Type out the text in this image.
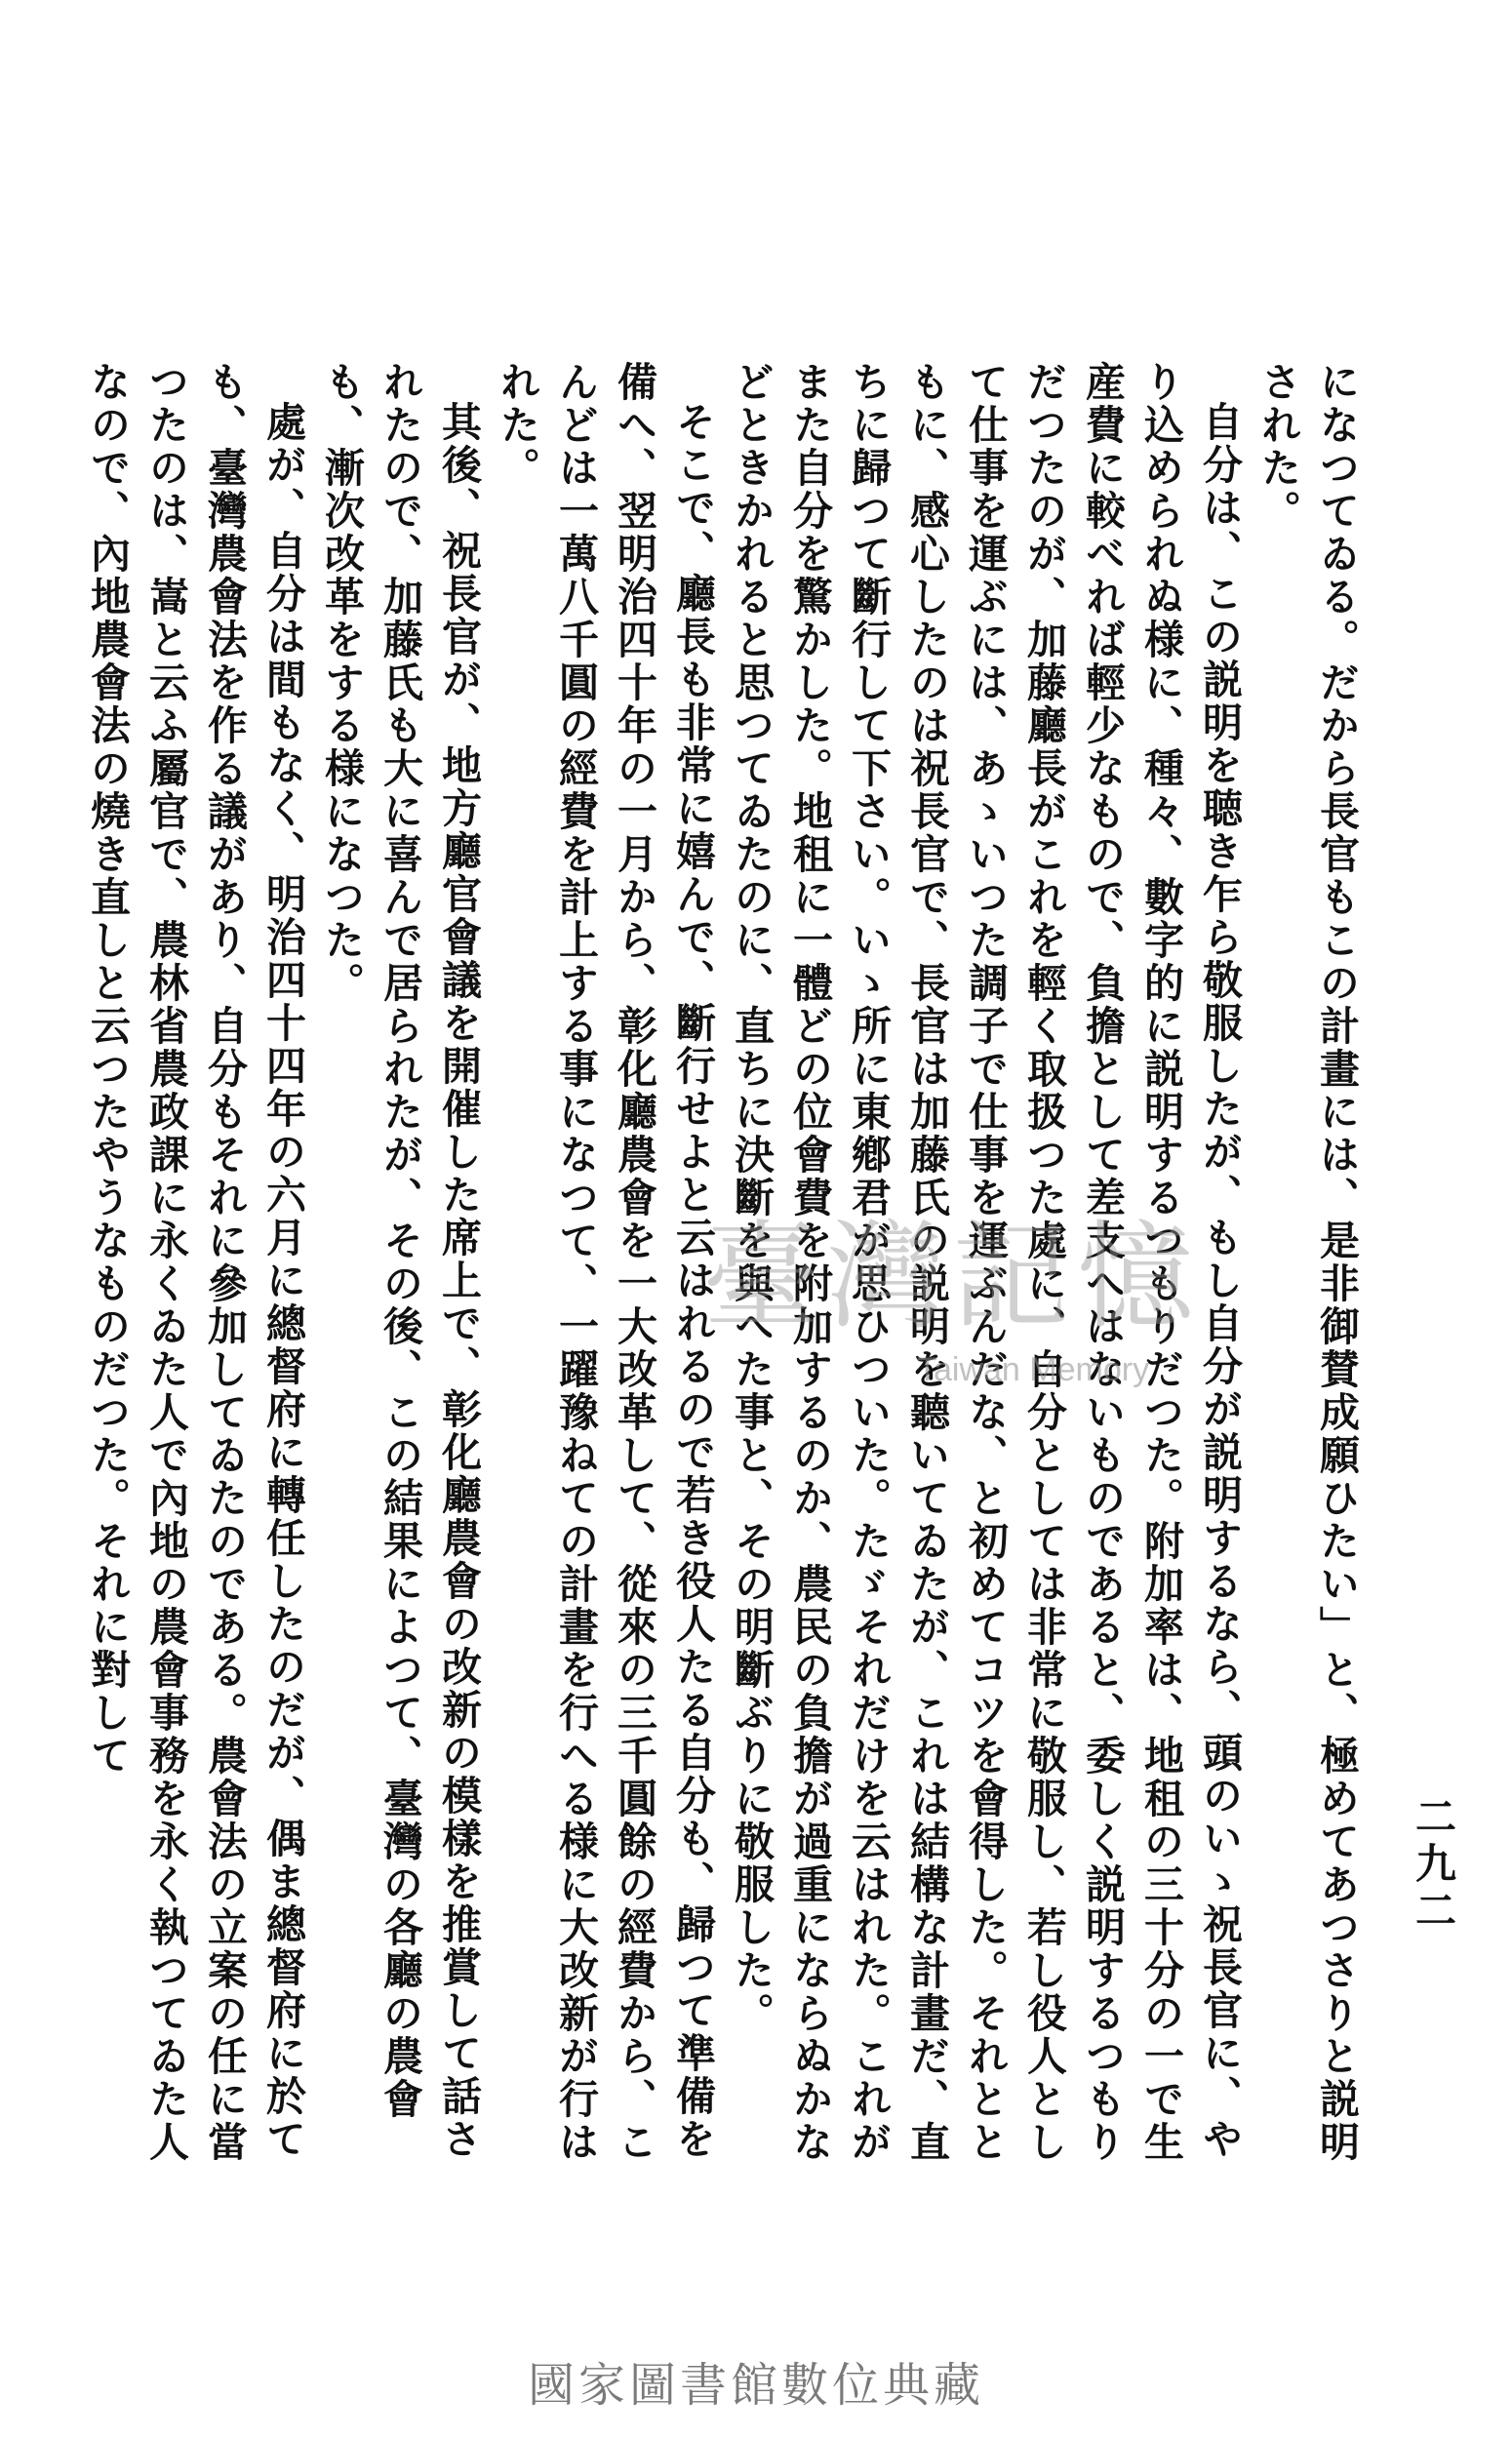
二九二

になつてゐる。だから長官もこの計畫には、是非御賛成願ひたい」と、極めてあつさりと説明された。

自分は、この説明を聴き乍ら敬服したが、もし自分が説明するなら、頭のいゝ祝長官に、やり込められぬ様に、種々、數字的に説明するつもりだつた。附加率は、地租の三十分の一で生産費に較べれば輕少なもので、負擔として差支へはないものであると、委しく説明するつもりだつたのが、加藤廳長がこれを輕く取扱つた處に、自分としては非常に敬服し、若し役人として仕事を運ぶには、あゝいつた調子で仕事を運ぶんだな、と初めてコツを會得した。それとともに、感心したのは祝長官で、長官は加藤氏の説明を聽いてゐたが、これは結構な計畫だ、直ちに歸つて斷行して下さい。いゝ所に東鄕君が思ひついた。たゞそれだけを云はれた。これがまた自分を驚かした。地租に一體どの位會費を附加するのか、農民の負擔が過重にならぬかなどときかれると思つてゐたのに、直ちに決斷を與へた事と、その明斷ぶりに敬服した。

そこで、廳長も非常に嬉んで、斷行せよと云はれるので若き役人たる自分も、歸つて準備を備へ、翌明治四十年の一月から、彰化廳農會を一大改革して、從來の三千圓餘の經費から、こんどは一萬八千圓の經費を計上する事になつて、一躍豫ねての計畫を行へる様に大改新が行はれた。

其後、祝長官が、地方廳官會議を開催した席上で、彰化廳農會の改新の模樣を推賞して話されたので、加藤氏も大に喜んで居られたが、その後、この結果によつて、臺灣の各廳の農會も、漸次改革をする様になつた。

處が、自分は間もなく、明治四十四年の六月に總督府に轉任したのだが、偶ま總督府に於ても、臺灣農會法を作る議があり、自分もそれに參加してゐたのである。農會法の立案の任に當つたのは、嵩と云ふ屬官で、農林省農政課に永くゐた人で內地の農會事務を永く執つてゐた人なので、內地農會法の燒き直しと云つたやうなものだつた。それに對して	臺灣記憶
Taiwan Memory
國家圖書館數位典藏
